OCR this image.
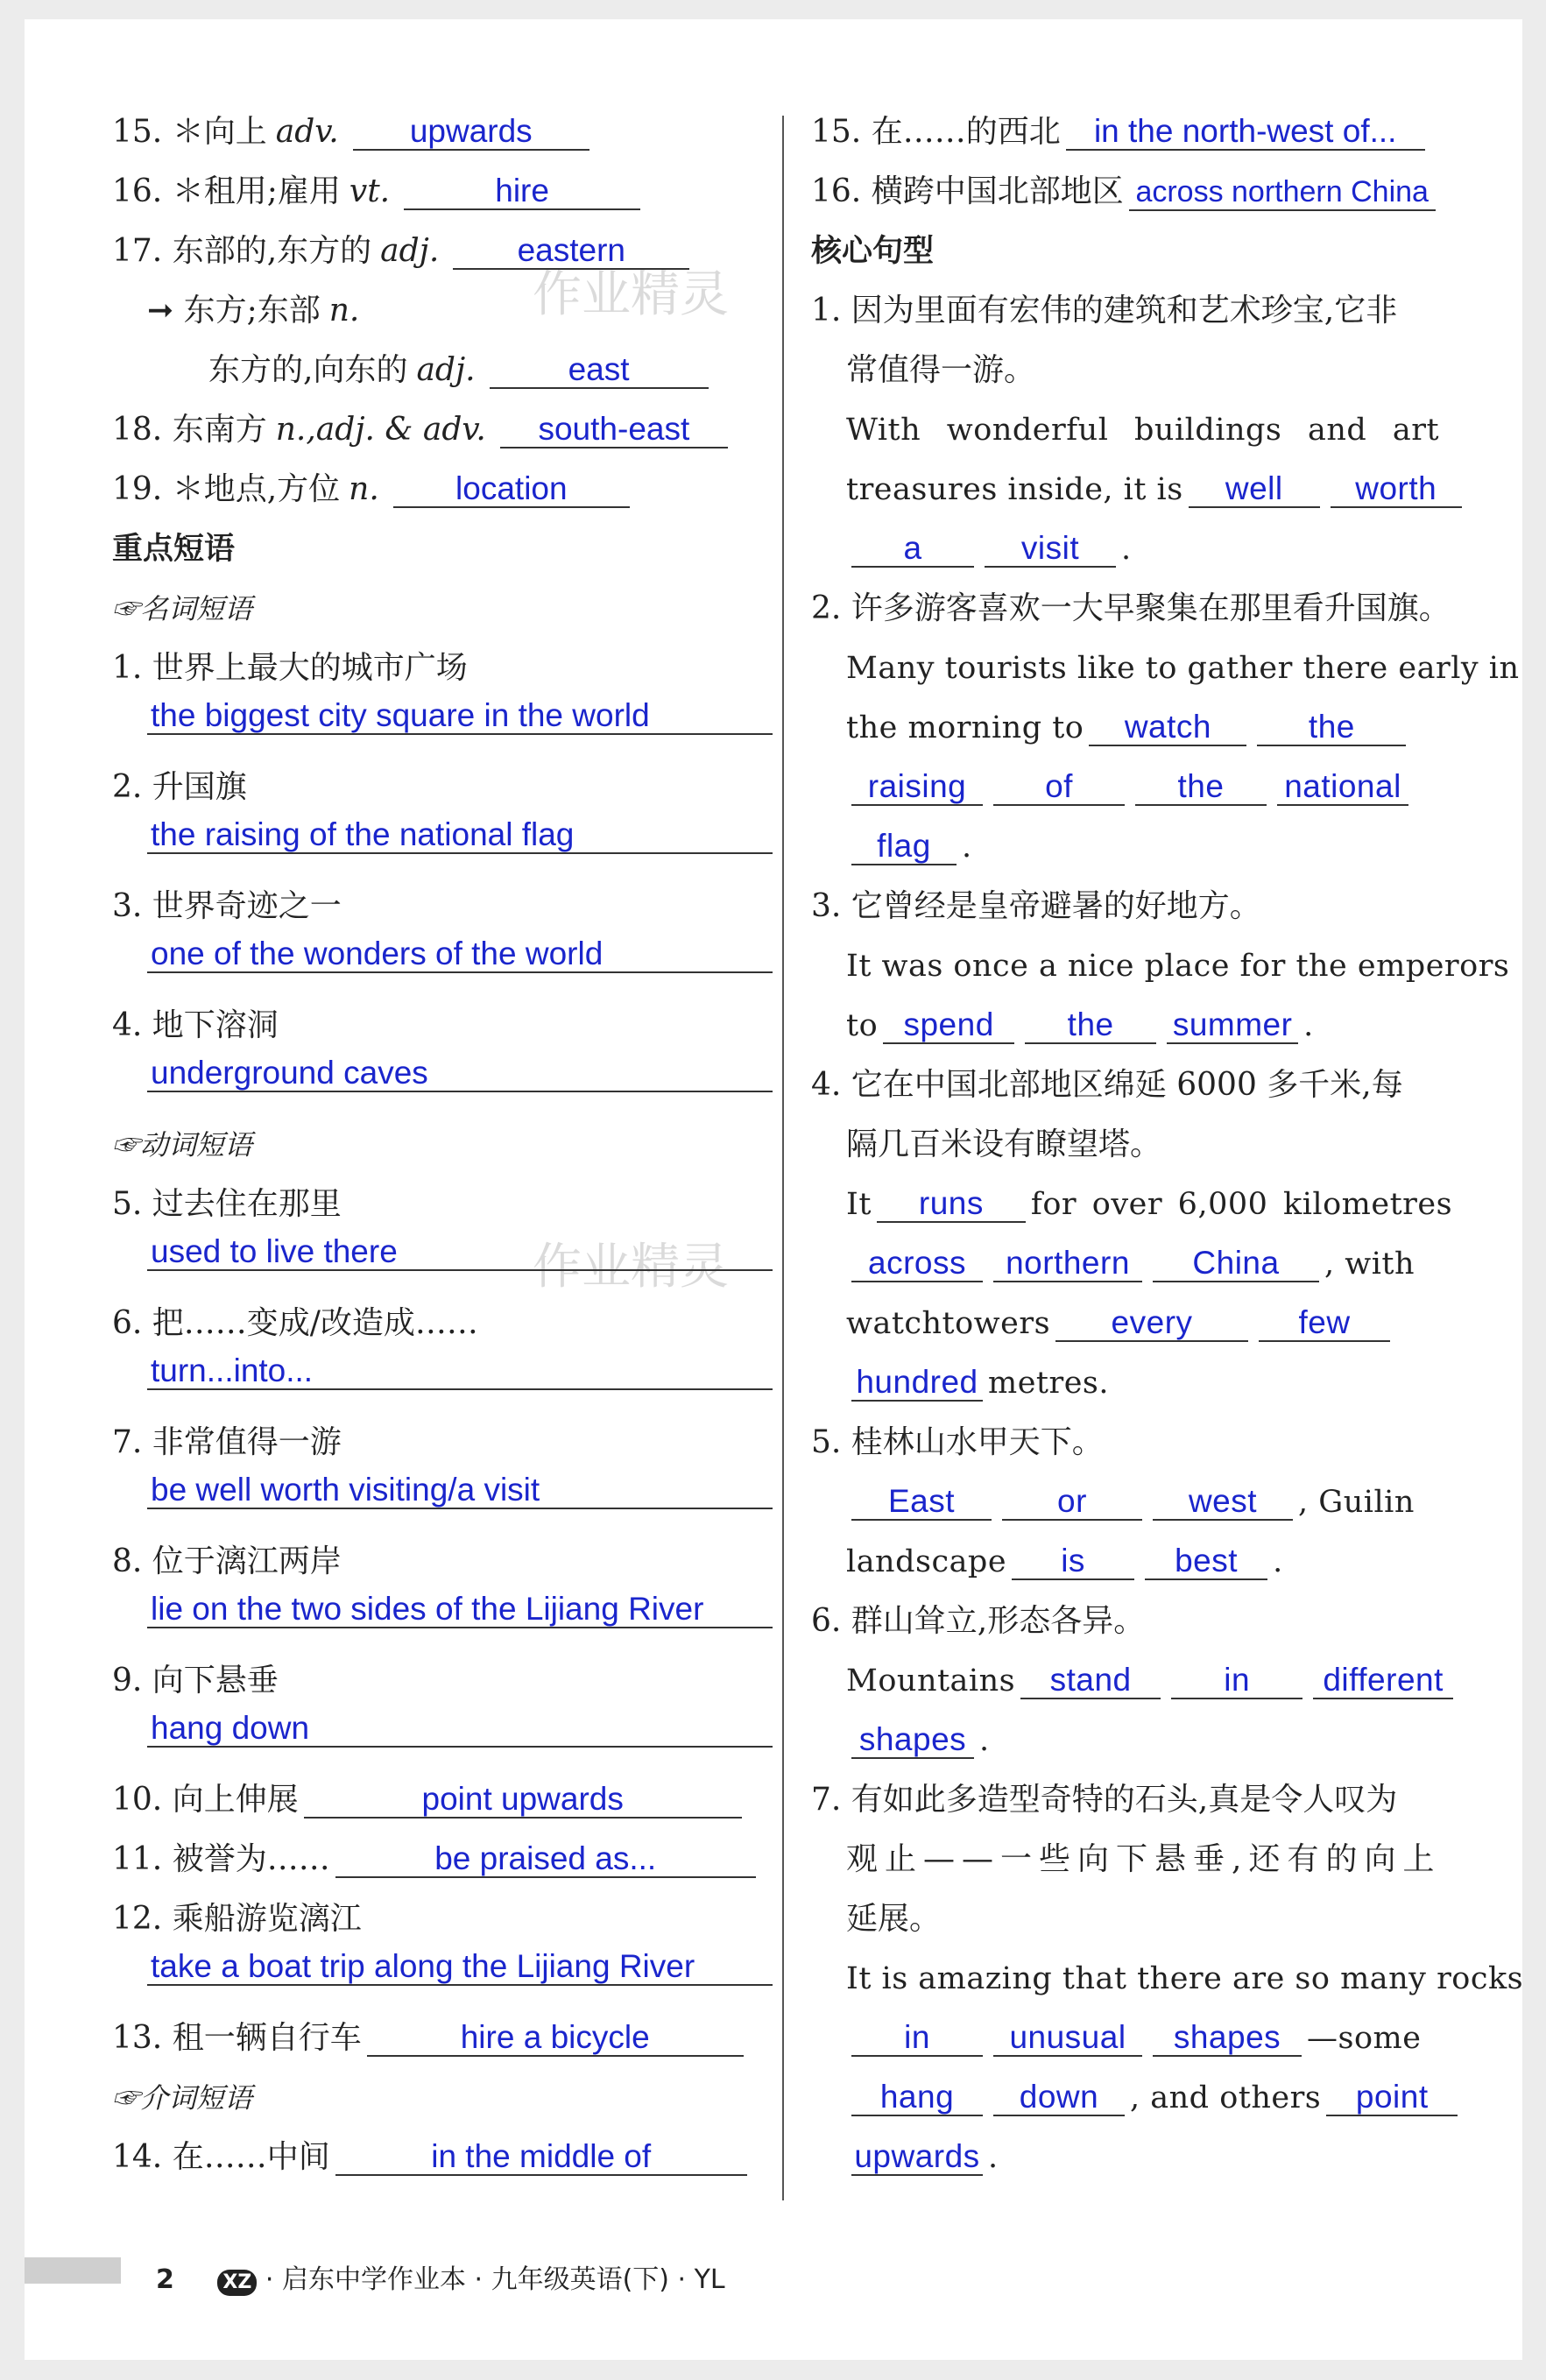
作业精灵
作业精灵
15. ＊向上 adv. upwards
16. ＊租用;雇用 vt.	hire
17. 东部的,东方的 adj. eastern
➞ 东方;东部 n.
东方的,向东的 adj.	east
18. 东南方 n.,adj. & adv. south-east
19. ＊地点,方位 n. location
重点短语
☞名词短语
1. 世界上最大的城市广场
the biggest city square in the world
2. 升国旗
the raising of the national flag
3. 世界奇迹之一
one of the wonders of the world
4. 地下溶洞
underground caves
☞动词短语
5. 过去住在那里
used to live there
6. 把……变成/改造成……
turn...into...
7. 非常值得一游
be well worth visiting/a visit
8. 位于漓江两岸
lie on the two sides of the Lijiang River
9. 向下悬垂
hang down
10. 向上伸展	point upwards
11. 被誉为……	be praised as...
12. 乘船游览漓江
take a boat trip along the Lijiang River
13. 租一辆自行车	hire a bicycle
☞介词短语
14. 在……中间	in the middle of
15. 在……的西北 in the north-west of...
16. 横跨中国北部地区 across northern China
核心句型
1. 因为里面有宏伟的建筑和艺术珍宝,它非
常值得一游。
With wonderful buildings and art
treasures inside, it is well worth
a	visit .
2. 许多游客喜欢一大早聚集在那里看升国旗。
Many tourists like to gather there early in
the morning to watch	the
raising of	the national
flag .
3. 它曾经是皇帝避暑的好地方。
It was once a nice place for the emperors
to spend the summer .
4. 它在中国北部地区绵延 6000 多千米,每
隔几百米设有瞭望塔。
It runs for over 6,000 kilometres
across northern China , with
watchtowers every	few
hundred metres.
5. 桂林山水甲天下。
East	or	west , Guilin
landscape is	best .
6. 群山耸立,形态各异。
Mountains stand	in different
shapes .
7. 有如此多造型奇特的石头,真是令人叹为
观止——一些向下悬垂,还有的向上
延展。
It is amazing that there are so many rocks
in unusual shapes —some
hang down , and others point
upwards .
2	XZ · 启东中学作业本 · 九年级英语(下) · YL
